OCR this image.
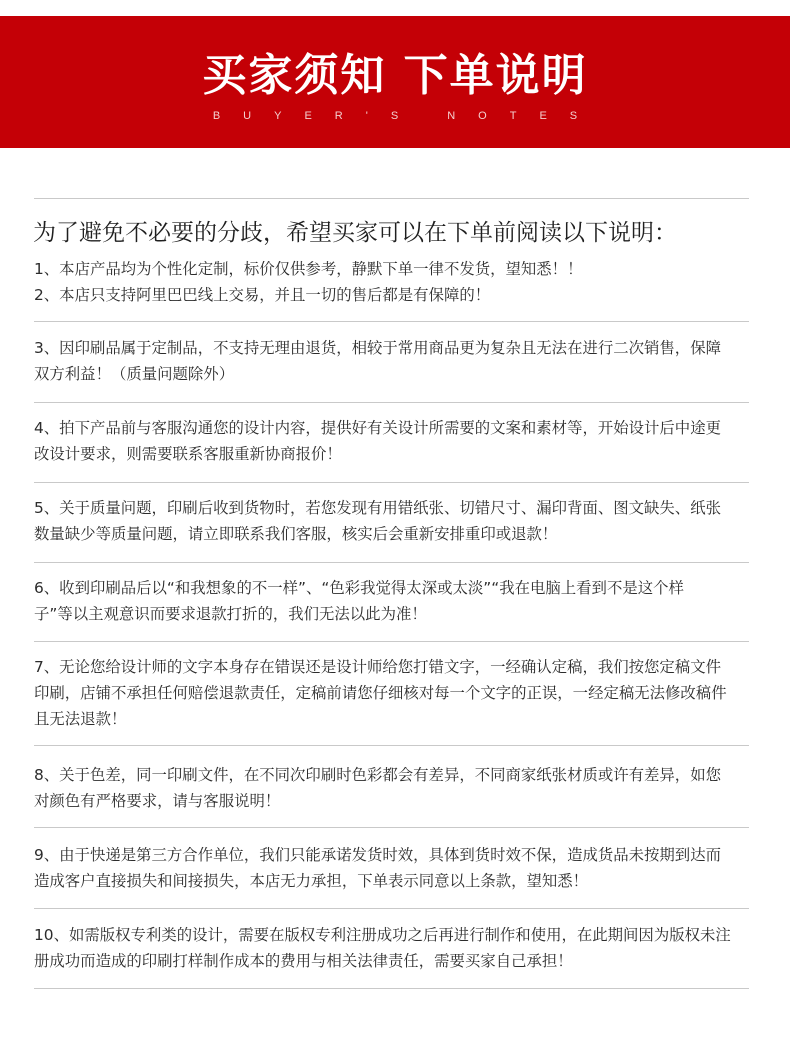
买家须知 下单说明
BUYER'S NOTES
为了避免不必要的分歧，希望买家可以在下单前阅读以下说明：

1、本店产品均为个性化定制，标价仅供参考，静默下单一律不发货，望知悉！！

2、本店只支持阿里巴巴线上交易，并且一切的售后都是有保障的！

3、因印刷品属于定制品，不支持无理由退货，相较于常用商品更为复杂且无法在进行二次销售，保障
双方利益！（质量问题除外）

4、拍下产品前与客服沟通您的设计内容，提供好有关设计所需要的文案和素材等，开始设计后中途更
改设计要求，则需要联系客服重新协商报价！

5、关于质量问题，印刷后收到货物时，若您发现有用错纸张、切错尺寸、漏印背面、图文缺失、纸张
数量缺少等质量问题，请立即联系我们客服，核实后会重新安排重印或退款！

6、收到印刷品后以“和我想象的不一样”、“色彩我觉得太深或太淡”“我在电脑上看到不是这个样
子”等以主观意识而要求退款打折的，我们无法以此为准！

7、无论您给设计师的文字本身存在错误还是设计师给您打错文字，一经确认定稿，我们按您定稿文件
印刷，店铺不承担任何赔偿退款责任，定稿前请您仔细核对每一个文字的正误，一经定稿无法修改稿件
且无法退款！

8、关于色差，同一印刷文件，在不同次印刷时色彩都会有差异，不同商家纸张材质或许有差异，如您
对颜色有严格要求，请与客服说明！

9、由于快递是第三方合作单位，我们只能承诺发货时效，具体到货时效不保，造成货品未按期到达而
造成客户直接损失和间接损失，本店无力承担，下单表示同意以上条款，望知悉！

10、如需版权专利类的设计，需要在版权专利注册成功之后再进行制作和使用，在此期间因为版权未注
册成功而造成的印刷打样制作成本的费用与相关法律责任，需要买家自己承担！
